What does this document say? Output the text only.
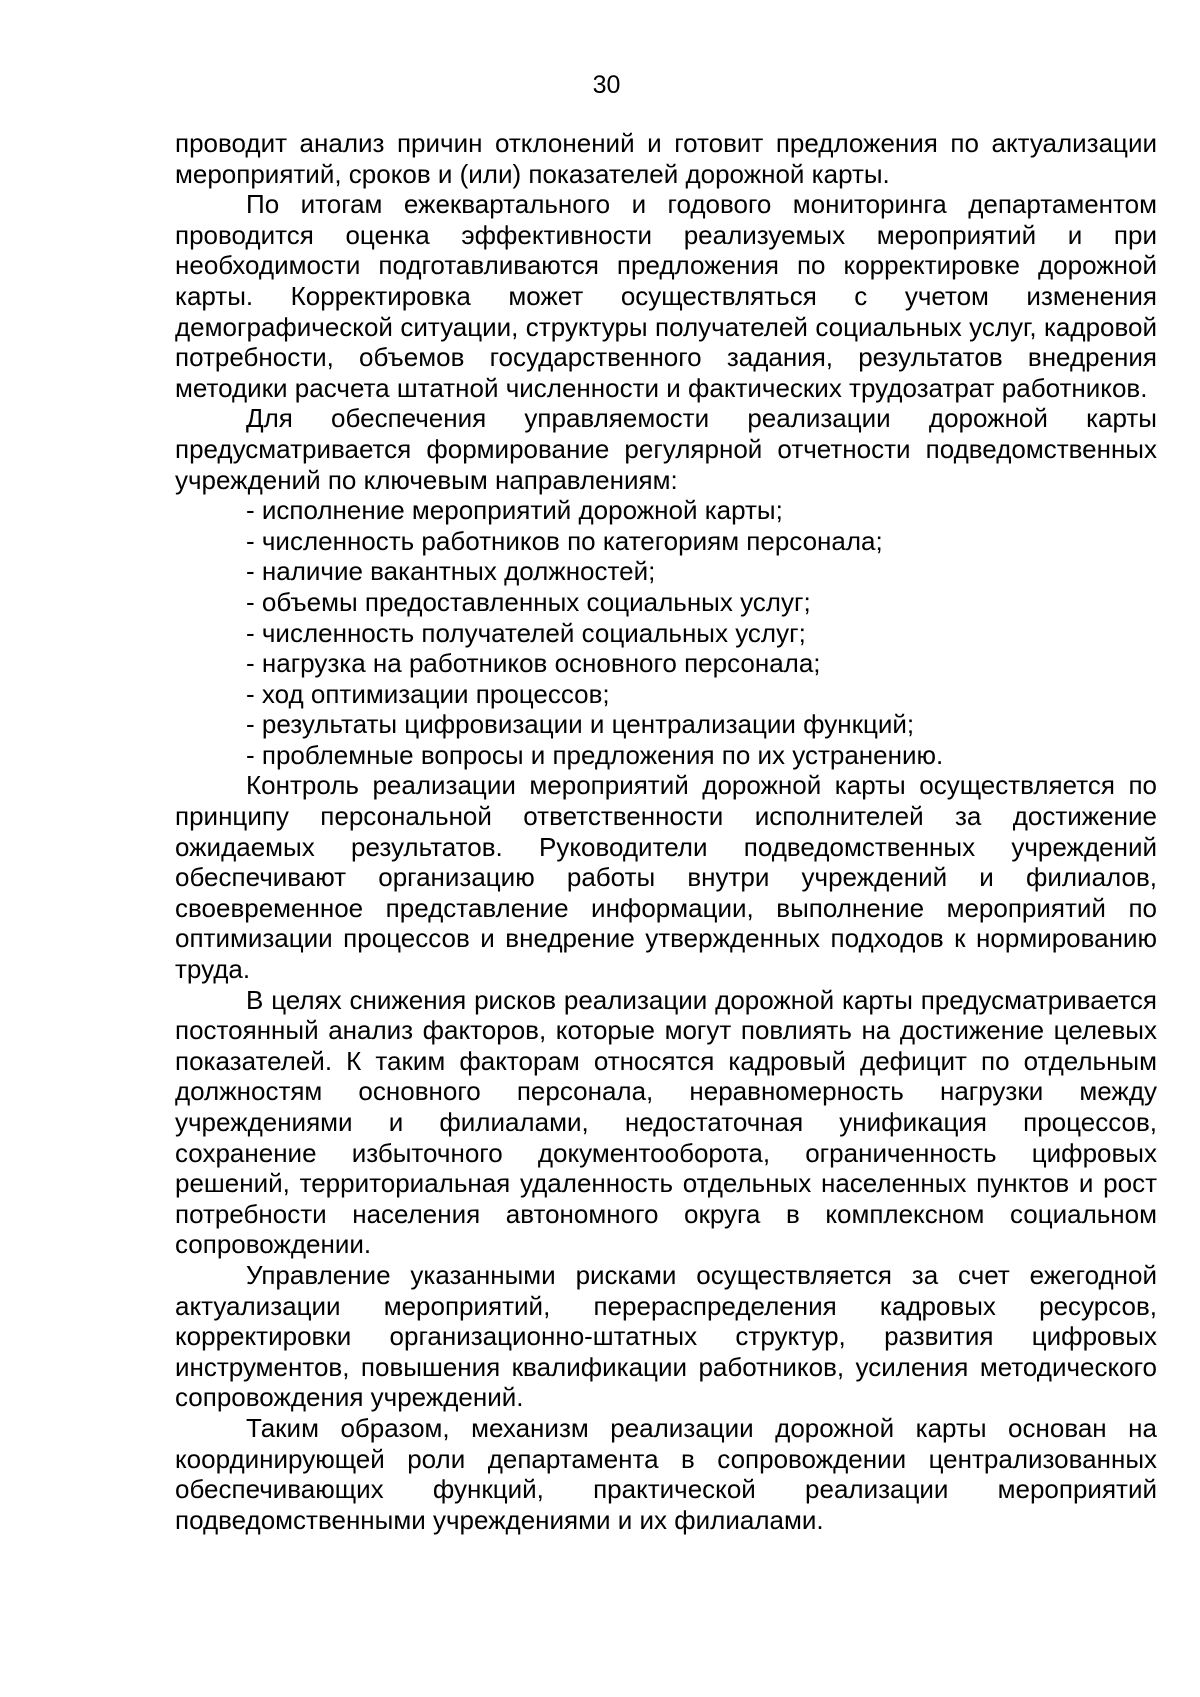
30

проводит анализ причин отклонений и готовит предложения по актуализации мероприятий, сроков и (или) показателей дорожной карты.

По итогам ежеквартального и годового мониторинга департаментом проводится оценка эффективности реализуемых мероприятий и при необходимости подготавливаются предложения по корректировке дорожной карты. Корректировка может осуществляться с учетом изменения демографической ситуации, структуры получателей социальных услуг, кадровой потребности, объемов государственного задания, результатов внедрения методики расчета штатной численности и фактических трудозатрат работников.

Для обеспечения управляемости реализации дорожной карты предусматривается формирование регулярной отчетности подведомственных учреждений по ключевым направлениям:

- исполнение мероприятий дорожной карты;
- численность работников по категориям персонала;
- наличие вакантных должностей;
- объемы предоставленных социальных услуг;
- численность получателей социальных услуг;
- нагрузка на работников основного персонала;
- ход оптимизации процессов;
- результаты цифровизации и централизации функций;
- проблемные вопросы и предложения по их устранению.

Контроль реализации мероприятий дорожной карты осуществляется по принципу персональной ответственности исполнителей за достижение ожидаемых результатов. Руководители подведомственных учреждений обеспечивают организацию работы внутри учреждений и филиалов, своевременное представление информации, выполнение мероприятий по оптимизации процессов и внедрение утвержденных подходов к нормированию труда.

В целях снижения рисков реализации дорожной карты предусматривается постоянный анализ факторов, которые могут повлиять на достижение целевых показателей. К таким факторам относятся кадровый дефицит по отдельным должностям основного персонала, неравномерность нагрузки между учреждениями и филиалами, недостаточная унификация процессов, сохранение избыточного документооборота, ограниченность цифровых решений, территориальная удаленность отдельных населенных пунктов и рост потребности населения автономного округа в комплексном социальном сопровождении.

Управление указанными рисками осуществляется за счет ежегодной актуализации мероприятий, перераспределения кадровых ресурсов, корректировки организационно-штатных структур, развития цифровых инструментов, повышения квалификации работников, усиления методического сопровождения учреждений.

Таким образом, механизм реализации дорожной карты основан на координирующей роли департамента в сопровождении централизованных обеспечивающих функций, практической реализации мероприятий подведомственными учреждениями и их филиалами.
